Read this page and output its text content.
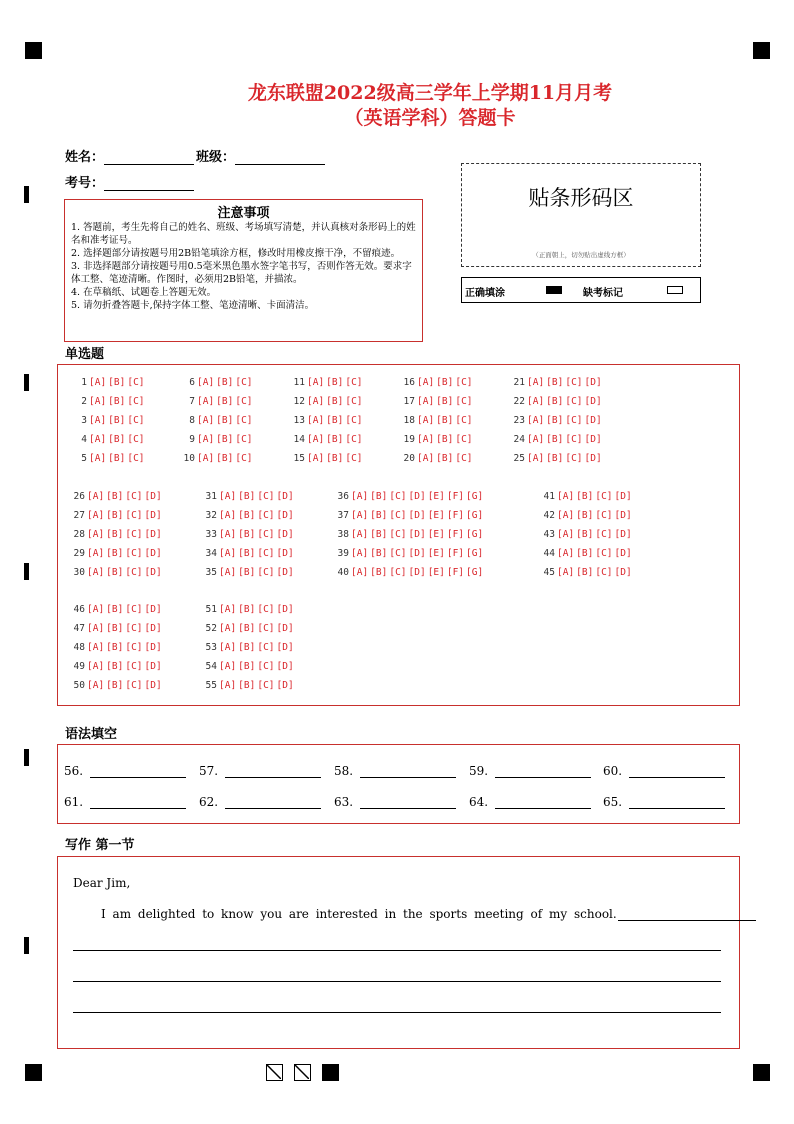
龙东联盟2022级高三学年上学期11月月考
（英语学科）答题卡
姓名：	班级：
考号：
注意事项
1. 答题前，考生先将自己的姓名、班级、考场填写清楚，并认真核对条形码上的姓名和准考证号。
2. 选择题部分请按题号用2B铅笔填涂方框，修改时用橡皮擦干净，不留痕迹。
3. 非选择题部分请按题号用0.5毫米黑色墨水签字笔书写，否则作答无效。要求字体工整、笔迹清晰。作图时，必须用2B铅笔，并描浓。
4. 在草稿纸、试题卷上答题无效。
5. 请勿折叠答题卡,保持字体工整、笔迹清晰、卡面清洁。
贴条形码区
（正面朝上，切勿贴出虚线方框）
正确填涂	缺考标记
单选题
1 [A] [B] [C]
2 [A] [B] [C]
3 [A] [B] [C]
4 [A] [B] [C]
5 [A] [B] [C]
6 [A] [B] [C]
7 [A] [B] [C]
8 [A] [B] [C]
9 [A] [B] [C]
10 [A] [B] [C]
11 [A] [B] [C]
12 [A] [B] [C]
13 [A] [B] [C]
14 [A] [B] [C]
15 [A] [B] [C]
16 [A] [B] [C]
17 [A] [B] [C]
18 [A] [B] [C]
19 [A] [B] [C]
20 [A] [B] [C]
21 [A] [B] [C] [D]
22 [A] [B] [C] [D]
23 [A] [B] [C] [D]
24 [A] [B] [C] [D]
25 [A] [B] [C] [D]
26 [A] [B] [C] [D]
27 [A] [B] [C] [D]
28 [A] [B] [C] [D]
29 [A] [B] [C] [D]
30 [A] [B] [C] [D]
31 [A] [B] [C] [D]
32 [A] [B] [C] [D]
33 [A] [B] [C] [D]
34 [A] [B] [C] [D]
35 [A] [B] [C] [D]
36 [A] [B] [C] [D] [E] [F] [G]
37 [A] [B] [C] [D] [E] [F] [G]
38 [A] [B] [C] [D] [E] [F] [G]
39 [A] [B] [C] [D] [E] [F] [G]
40 [A] [B] [C] [D] [E] [F] [G]
41 [A] [B] [C] [D]
42 [A] [B] [C] [D]
43 [A] [B] [C] [D]
44 [A] [B] [C] [D]
45 [A] [B] [C] [D]
46 [A] [B] [C] [D]
47 [A] [B] [C] [D]
48 [A] [B] [C] [D]
49 [A] [B] [C] [D]
50 [A] [B] [C] [D]
51 [A] [B] [C] [D]
52 [A] [B] [C] [D]
53 [A] [B] [C] [D]
54 [A] [B] [C] [D]
55 [A] [B] [C] [D]
语法填空
56.	57.	58.	59.	60.
61.	62.	63.	64.	65.
写作 第一节
Dear Jim,
I am delighted to know you are interested in the sports meeting of my school.
